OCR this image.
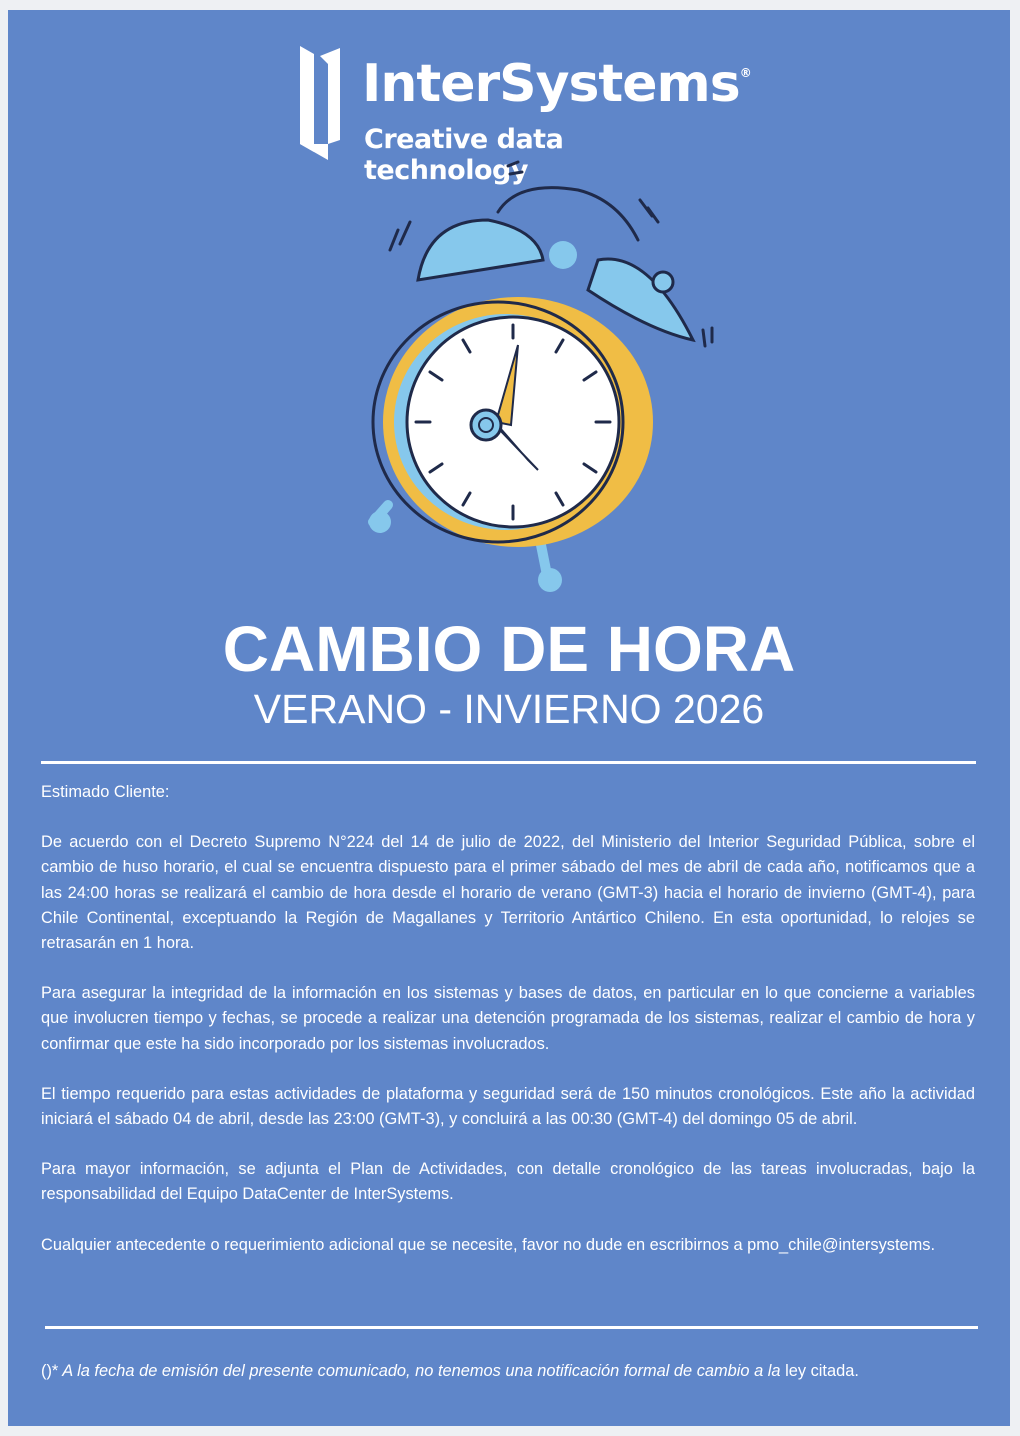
InterSystems®
Creative data technology
CAMBIO DE HORA
VERANO - INVIERNO 2026

Estimado Cliente:

De acuerdo con el Decreto Supremo N°224 del 14 de julio de 2022, del Ministerio del Interior Seguridad Pública, sobre el cambio de huso horario, el cual se encuentra dispuesto para el primer sábado del mes de abril de cada año, notificamos que a las 24:00 horas se realizará el cambio de hora desde el horario de verano (GMT-3) hacia el horario de invierno (GMT-4), para Chile Continental, exceptuando la Región de Magallanes y Territorio Antártico Chileno. En esta oportunidad, lo relojes se retrasarán en 1 hora.

Para asegurar la integridad de la información en los sistemas y bases de datos, en particular en lo que concierne a variables que involucren tiempo y fechas, se procede a realizar una detención programada de los sistemas, realizar el cambio de hora y confirmar que este ha sido incorporado por los sistemas involucrados.

El tiempo requerido para estas actividades de plataforma y seguridad será de 150 minutos cronológicos. Este año la actividad iniciará el sábado 04 de abril, desde las 23:00 (GMT-3), y concluirá a las 00:30 (GMT-4) del domingo 05 de abril.

Para mayor información, se adjunta el Plan de Actividades, con detalle cronológico de las tareas involucradas, bajo la responsabilidad del Equipo DataCenter de InterSystems.

Cualquier antecedente o requerimiento adicional que se necesite, favor no dude en escribirnos a pmo_chile@intersystems.

()* A la fecha de emisión del presente comunicado, no tenemos una notificación formal de cambio a la ley citada.
